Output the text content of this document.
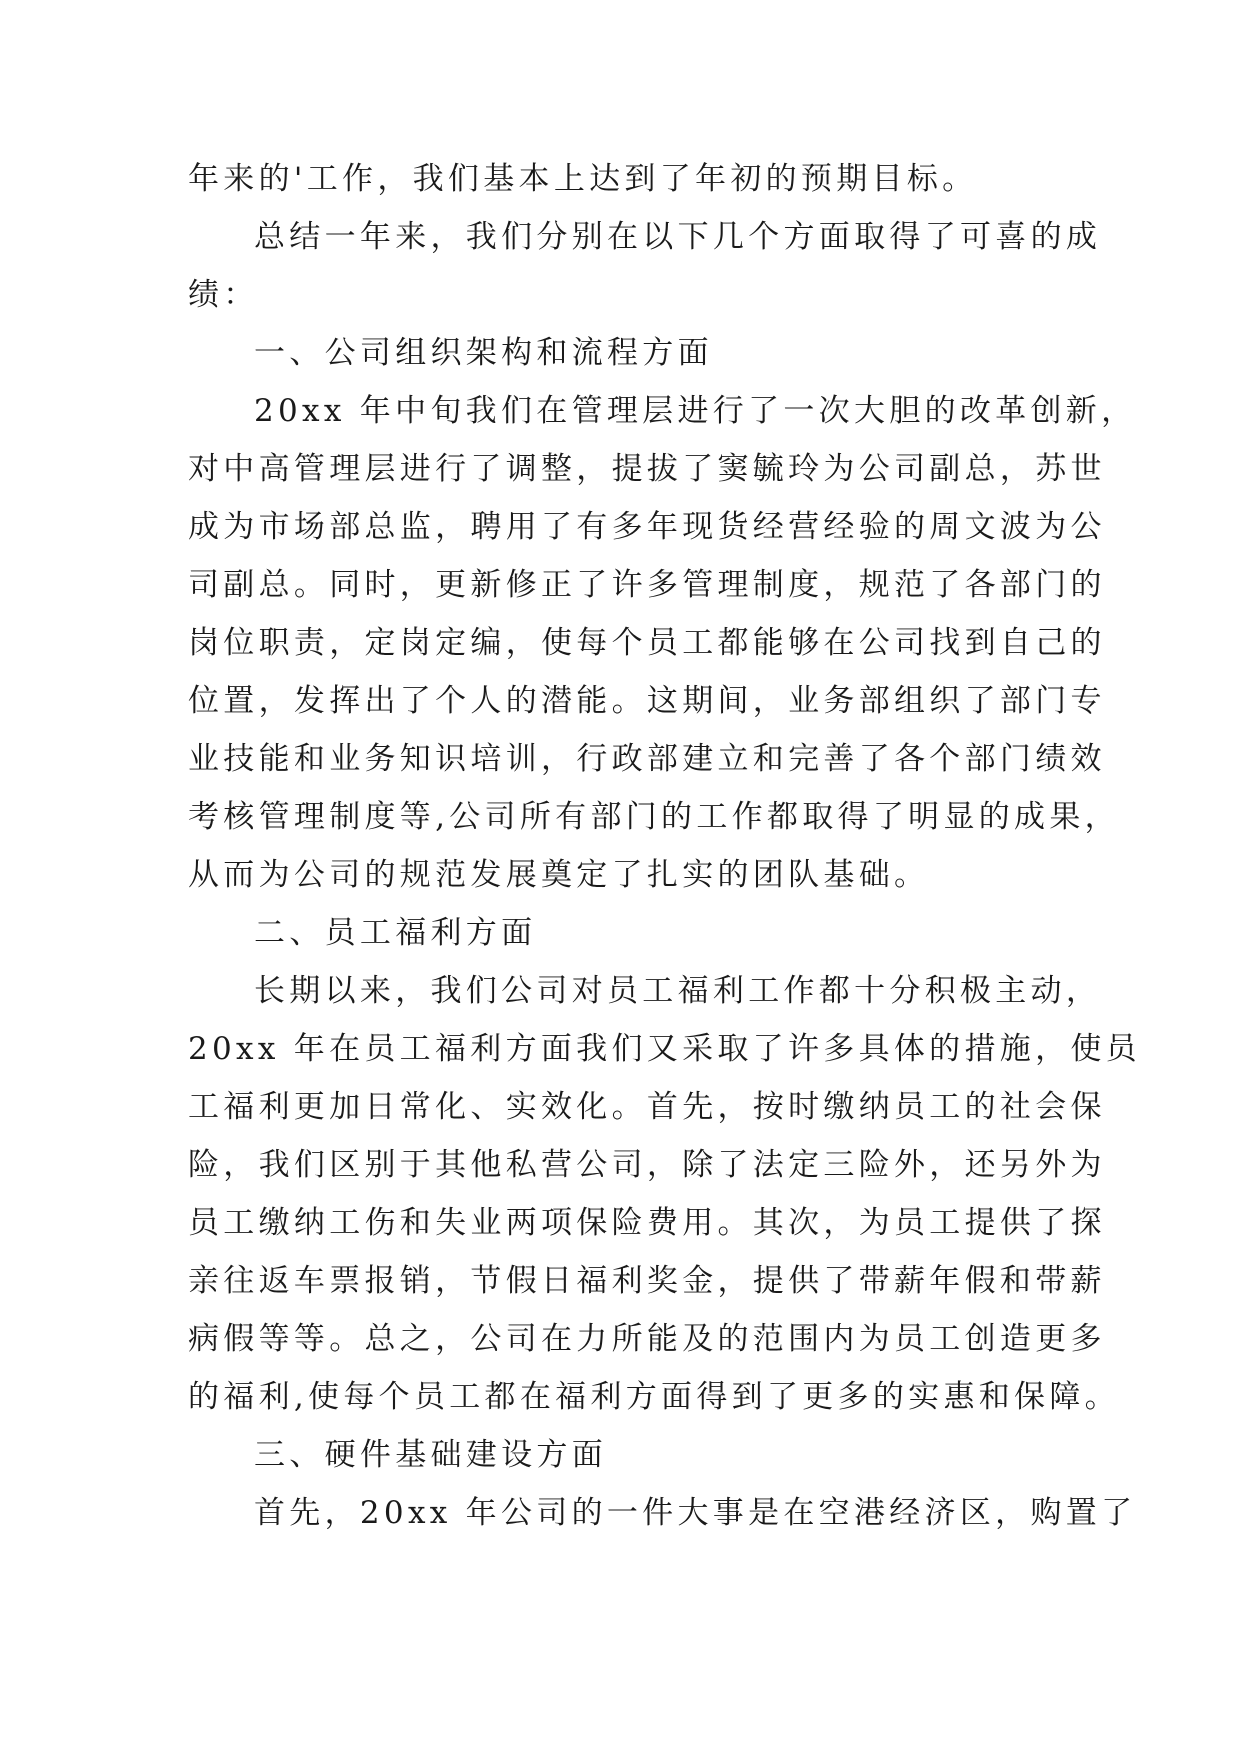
年来的'工作，我们基本上达到了年初的预期目标。
总结一年来，我们分别在以下几个方面取得了可喜的成
绩：
一、公司组织架构和流程方面
20xx 年中旬我们在管理层进行了一次大胆的改革创新，
对中高管理层进行了调整，提拔了窦毓玲为公司副总，苏世
成为市场部总监，聘用了有多年现货经营经验的周文波为公
司副总。同时，更新修正了许多管理制度，规范了各部门的
岗位职责，定岗定编，使每个员工都能够在公司找到自己的
位置，发挥出了个人的潜能。这期间，业务部组织了部门专
业技能和业务知识培训，行政部建立和完善了各个部门绩效
考核管理制度等,公司所有部门的工作都取得了明显的成果，
从而为公司的规范发展奠定了扎实的团队基础。
二、员工福利方面
长期以来，我们公司对员工福利工作都十分积极主动，
20xx 年在员工福利方面我们又采取了许多具体的措施，使员
工福利更加日常化、实效化。首先，按时缴纳员工的社会保
险，我们区别于其他私营公司，除了法定三险外，还另外为
员工缴纳工伤和失业两项保险费用。其次，为员工提供了探
亲往返车票报销，节假日福利奖金，提供了带薪年假和带薪
病假等等。总之，公司在力所能及的范围内为员工创造更多
的福利,使每个员工都在福利方面得到了更多的实惠和保障。
三、硬件基础建设方面
首先，20xx 年公司的一件大事是在空港经济区，购置了
